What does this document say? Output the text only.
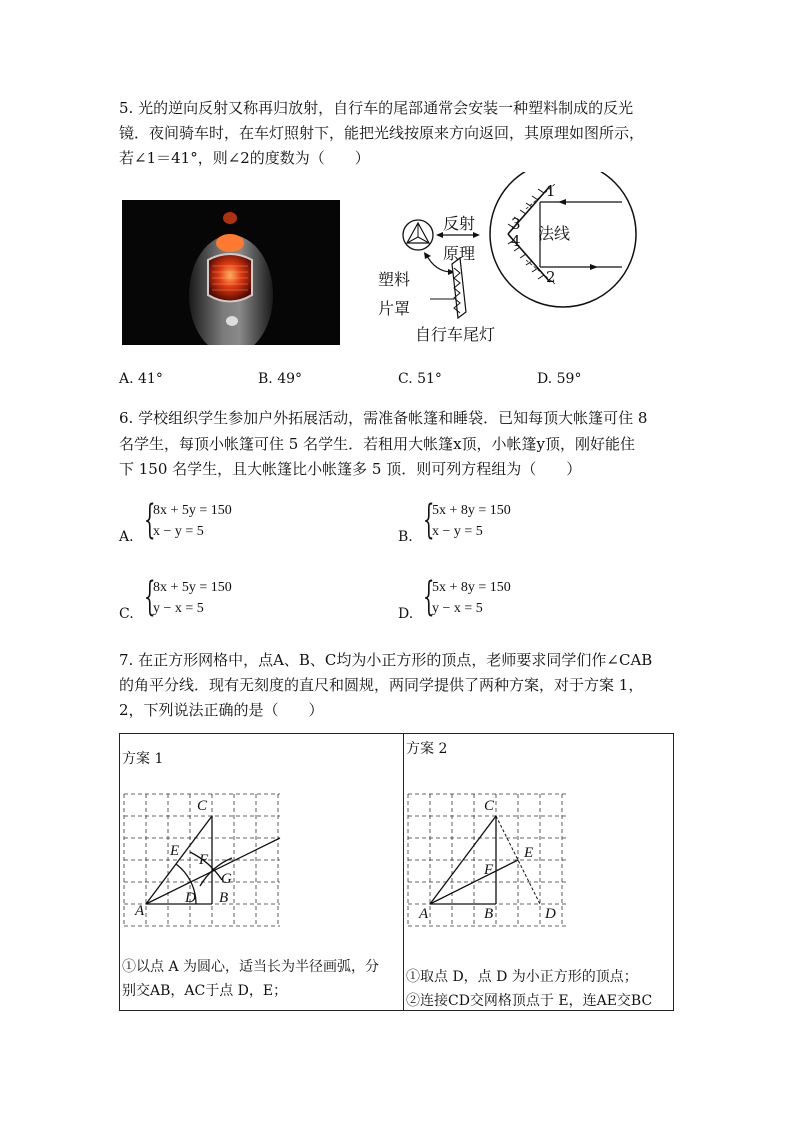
5. 光的逆向反射又称再归放射，自行车的尾部通常会安装一种塑料制成的反光
镜．夜间骑车时，在车灯照射下，能把光线按原来方向返回，其原理如图所示，
若∠1＝41°，则∠2的度数为（　　）
反射
原理
塑料
片罩
自行车尾灯
法线
1
2
3
4
A. 41°	B. 49°	C. 51°	D. 59°
6. 学校组织学生参加户外拓展活动，需准备帐篷和睡袋．已知每顶大帐篷可住 8
名学生，每顶小帐篷可住 5 名学生．若租用大帐篷x顶，小帐篷y顶，刚好能住
下 150 名学生，且大帐篷比小帐篷多 5 顶．则可列方程组为（　　）
A. {
8x + 5y = 150
x − y = 5	B. {
5x + 8y = 150
x − y = 5
C. {
8x + 5y = 150
y − x = 5	D. {
5x + 8y = 150
y − x = 5
7. 在正方形网格中，点A、B、C均为小正方形的顶点，老师要求同学们作∠CAB
的角平分线．现有无刻度的直尺和圆规，两同学提供了两种方案，对于方案 1，
2，下列说法正确的是（　　）
方案 1
C
E
F
G
A
D B
①以点 A 为圆心，适当长为半径画弧，分
别交AB，AC于点 D，E；

方案 2
C
E
F
A	B	D
①取点 D，点 D 为小正方形的顶点；
②连接CD交网格顶点于 E，连AE交BC
